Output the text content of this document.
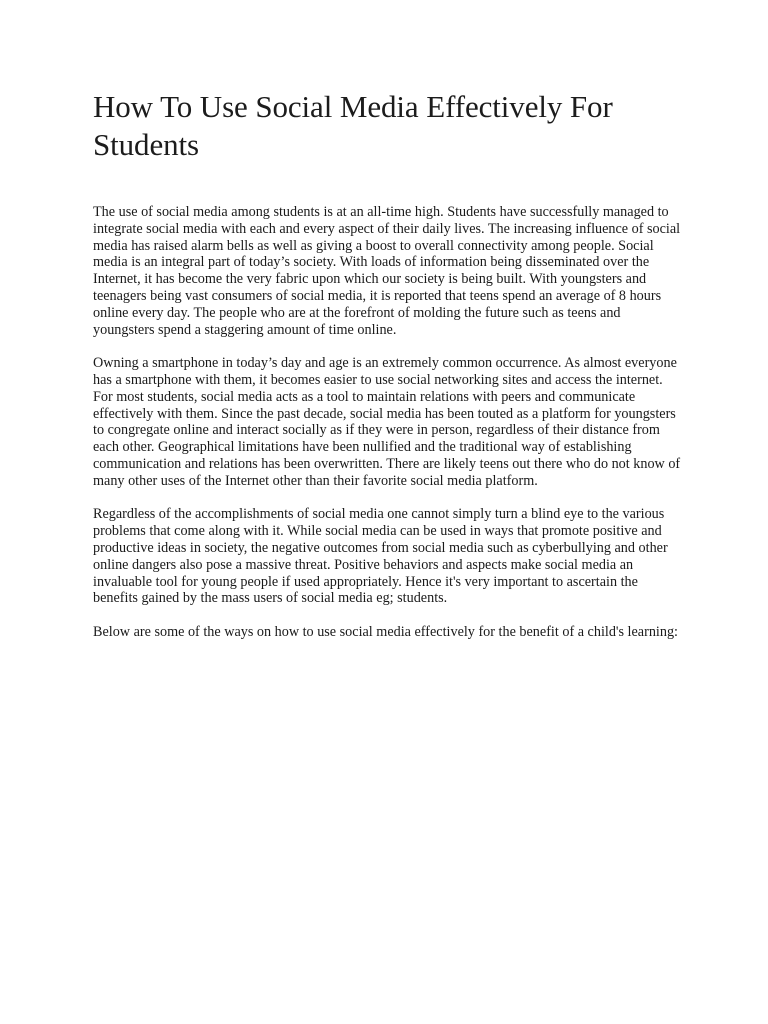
How To Use Social Media Effectively For Students

The use of social media among students is at an all-time high. Students have successfully managed to integrate social media with each and every aspect of their daily lives. The increasing influence of social media has raised alarm bells as well as giving a boost to overall connectivity among people. Social media is an integral part of today’s society. With loads of information being disseminated over the Internet, it has become the very fabric upon which our society is being built. With youngsters and teenagers being vast consumers of social media, it is reported that teens spend an average of 8 hours online every day. The people who are at the forefront of molding the future such as teens and youngsters spend a staggering amount of time online.

Owning a smartphone in today’s day and age is an extremely common occurrence. As almost everyone has a smartphone with them, it becomes easier to use social networking sites and access the internet. For most students, social media acts as a tool to maintain relations with peers and communicate effectively with them. Since the past decade, social media has been touted as a platform for youngsters to congregate online and interact socially as if they were in person, regardless of their distance from each other. Geographical limitations have been nullified and the traditional way of establishing communication and relations has been overwritten. There are likely teens out there who do not know of many other uses of the Internet other than their favorite social media platform.

Regardless of the accomplishments of social media one cannot simply turn a blind eye to the various problems that come along with it. While social media can be used in ways that promote positive and productive ideas in society, the negative outcomes from social media such as cyberbullying and other online dangers also pose a massive threat. Positive behaviors and aspects make social media an invaluable tool for young people if used appropriately. Hence it's very important to ascertain the benefits gained by the mass users of social media eg; students.

Below are some of the ways on how to use social media effectively for the benefit of a child's learning:
